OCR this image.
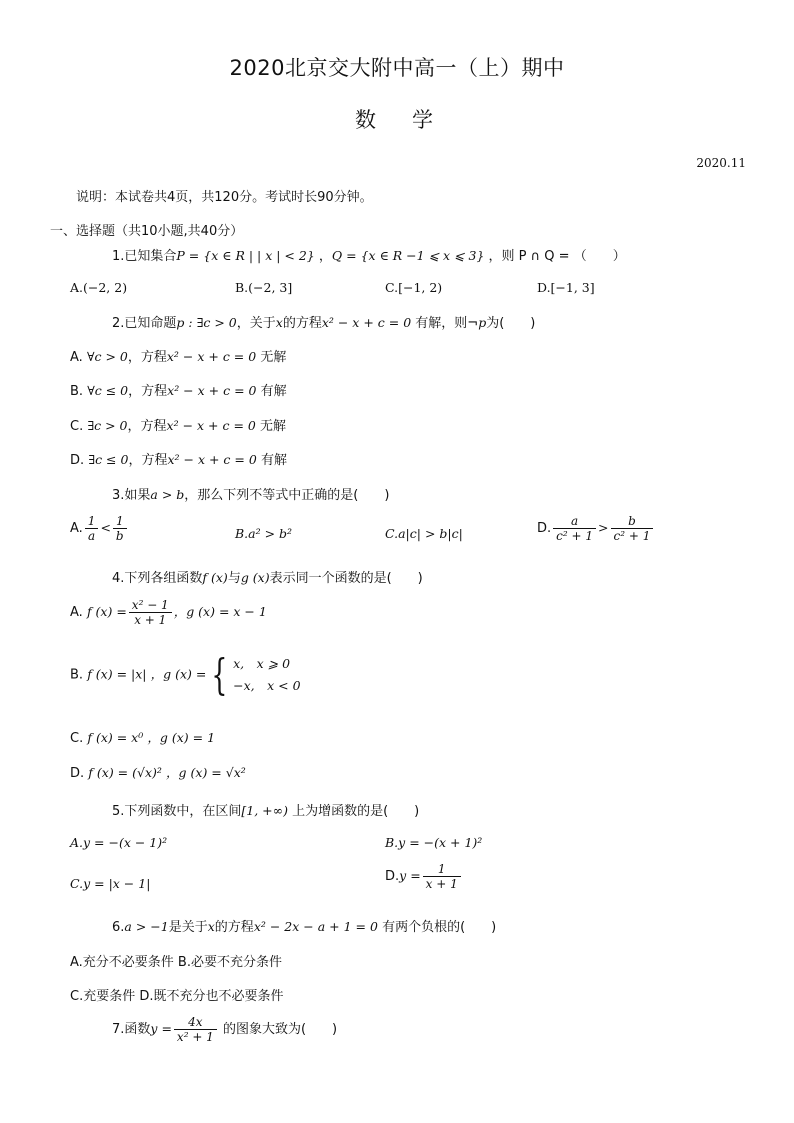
2020北京交大附中高一（上）期中
数学
2020.11
说明：本试卷共4页，共120分。考试时长90分钟。
一、选择题（共10小题,共40分）
1.已知集合P = {x ∈ R | | x | < 2} ，Q = {x ∈ R −1 ⩽ x ⩽ 3} ，则 P ∩ Q = （　　）
A.(−2, 2)	B.(−2, 3]	C.[−1, 2)	D.[−1, 3]
2.已知命题p : ∃c > 0，关于x的方程x² − x + c = 0 有解，则¬p为(　　)
A. ∀c > 0，方程x² − x + c = 0 无解
B. ∀c ≤ 0，方程x² − x + c = 0 有解
C. ∃c > 0，方程x² − x + c = 0 无解
D. ∃c ≤ 0，方程x² − x + c = 0 有解
3.如果a > b，那么下列不等式中正确的是(　　)
A. $\frac{1}{a} < \frac{1}{b}$	B.a² > b²	C.a|c| > b|c|	D. $\frac{a}{\text{c² + 1}} > \frac{b}{\text{c² + 1}}$
4.下列各组函数f (x)与g (x)表示同一个函数的是(　　)
A. f $(x) = \frac{\text{x² − 1}}{x + 1}$ ，g (x) = x − 1
B. f (x) = |x| ，g (x) = { x,　x ⩾ 0
−x,　x < 0
C. f (x) = x⁰ ，g (x) = 1
D. f (x) = (√x)² ，g (x) = √x²
5.下列函数中，在区间[1, +∞) 上为增函数的是(　　)
A.y = −(x − 1)²	B.y = −(x + 1)²
C.y = |x − 1|	$D.y = \frac{1}{x + 1}$
6.a > −1是关于x的方程x² − 2x − a + 1 = 0 有两个负根的(　　)
A.充分不必要条件 B.必要不充分条件
C.充要条件 D.既不充分也不必要条件
7.函数$y = \frac{4x}{\text{x² + 1}}$ 的图象大致为(　　)
